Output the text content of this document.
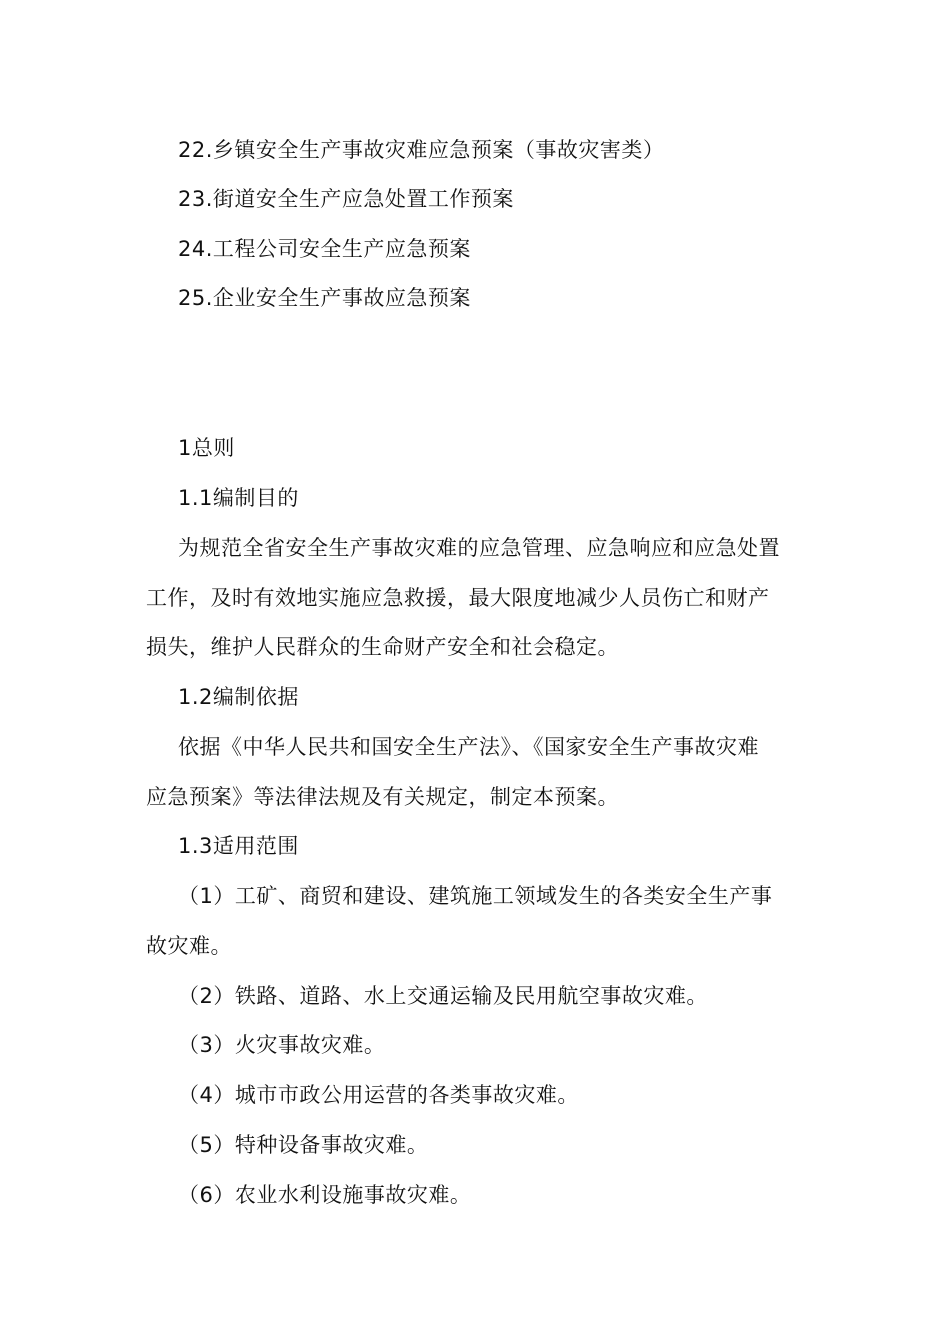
22.乡镇安全生产事故灾难应急预案（事故灾害类）
23.街道安全生产应急处置工作预案
24.工程公司安全生产应急预案
25.企业安全生产事故应急预案
1总则
1.1编制目的
为规范全省安全生产事故灾难的应急管理、应急响应和应急处置
工作，及时有效地实施应急救援，最大限度地减少人员伤亡和财产
损失，维护人民群众的生命财产安全和社会稳定。
1.2编制依据
依据《中华人民共和国安全生产法》、《国家安全生产事故灾难
应急预案》等法律法规及有关规定，制定本预案。
1.3适用范围
（1）工矿、商贸和建设、建筑施工领域发生的各类安全生产事
故灾难。
（2）铁路、道路、水上交通运输及民用航空事故灾难。
（3）火灾事故灾难。
（4）城市市政公用运营的各类事故灾难。
（5）特种设备事故灾难。
（6）农业水利设施事故灾难。
